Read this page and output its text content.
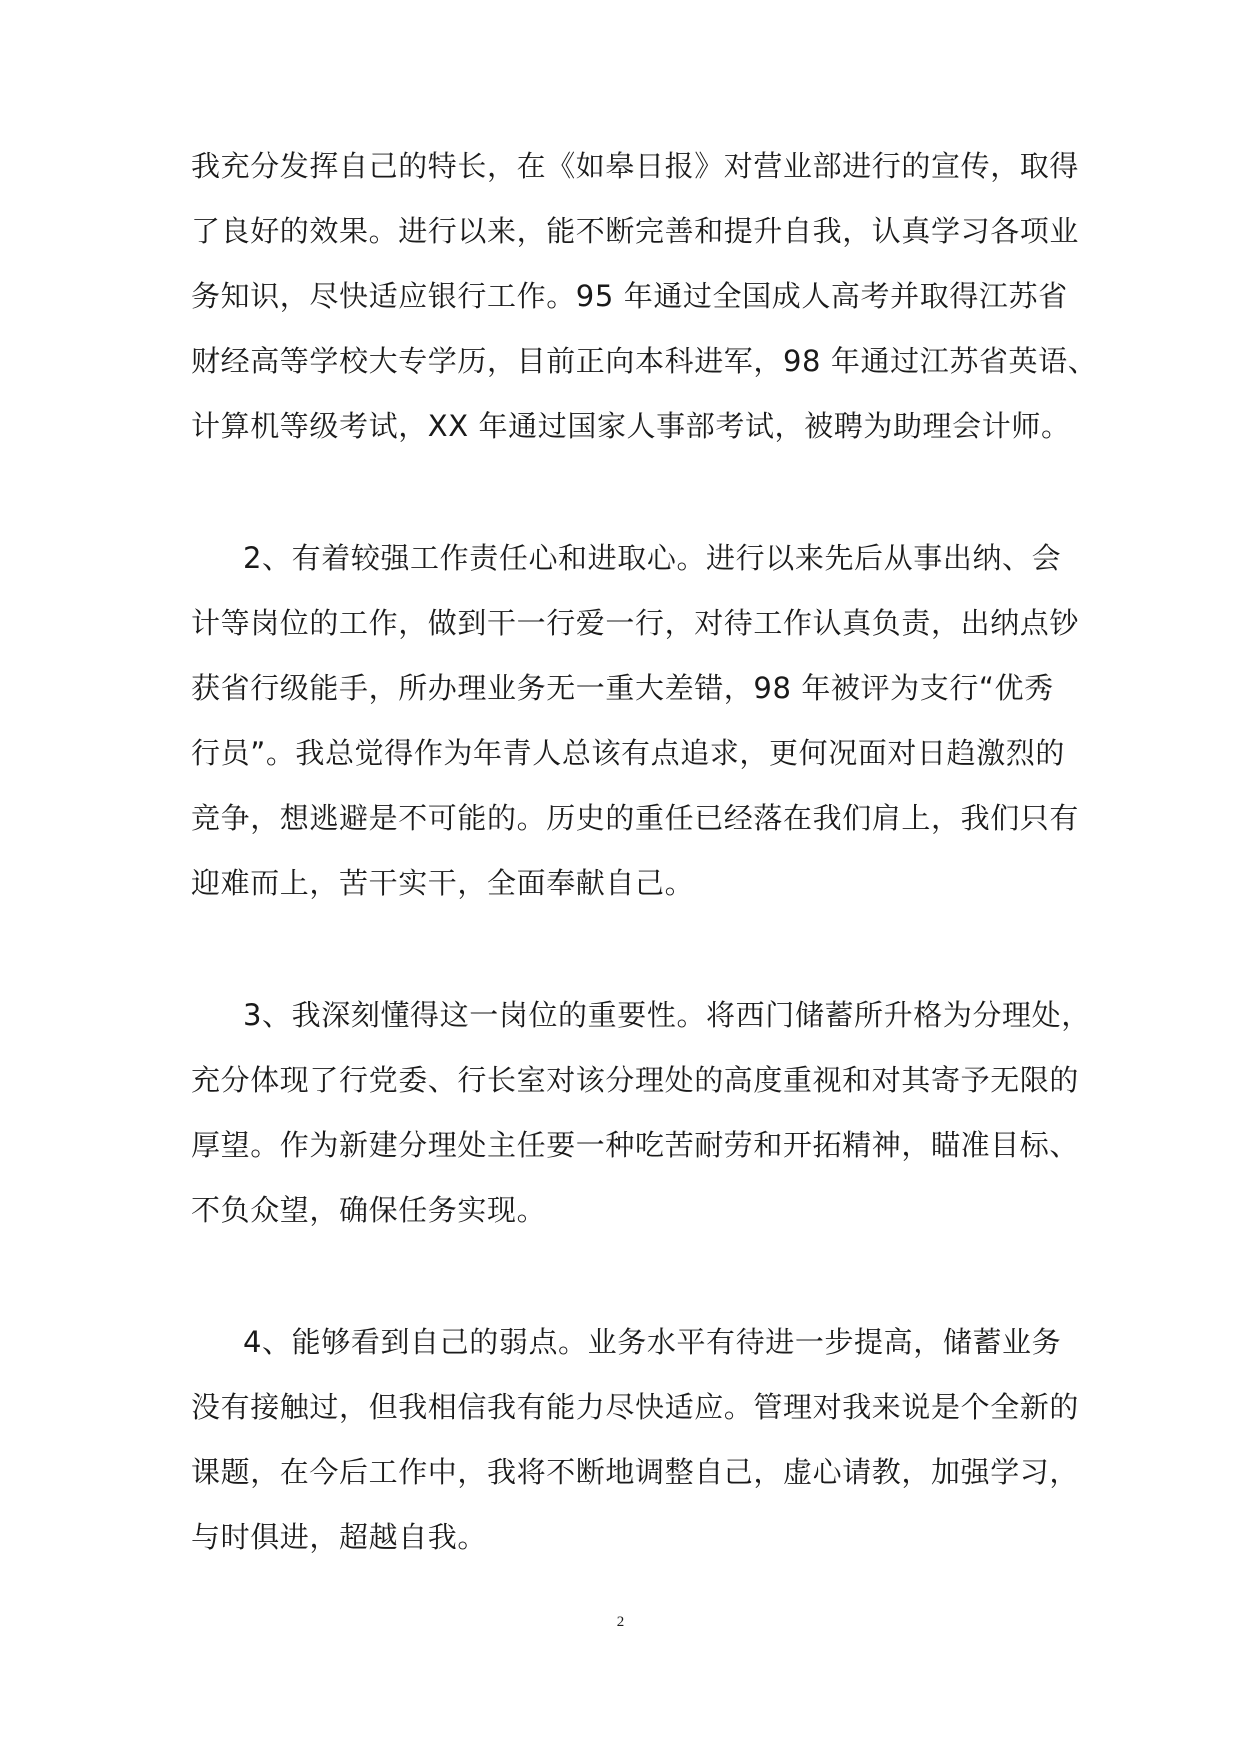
我充分发挥自己的特长，在《如皋日报》对营业部进行的宣传，取得
了良好的效果。进行以来，能不断完善和提升自我，认真学习各项业
务知识，尽快适应银行工作。95 年通过全国成人高考并取得江苏省
财经高等学校大专学历，目前正向本科进军，98 年通过江苏省英语、
计算机等级考试，XX 年通过国家人事部考试，被聘为助理会计师。
2、有着较强工作责任心和进取心。进行以来先后从事出纳、会
计等岗位的工作，做到干一行爱一行，对待工作认真负责，出纳点钞
获省行级能手，所办理业务无一重大差错，98 年被评为支行“优秀
行员”。我总觉得作为年青人总该有点追求，更何况面对日趋激烈的
竞争，想逃避是不可能的。历史的重任已经落在我们肩上，我们只有
迎难而上，苦干实干，全面奉献自己。
3、我深刻懂得这一岗位的重要性。将西门储蓄所升格为分理处，
充分体现了行党委、行长室对该分理处的高度重视和对其寄予无限的
厚望。作为新建分理处主任要一种吃苦耐劳和开拓精神，瞄准目标、
不负众望，确保任务实现。
4、能够看到自己的弱点。业务水平有待进一步提高，储蓄业务
没有接触过，但我相信我有能力尽快适应。管理对我来说是个全新的
课题，在今后工作中，我将不断地调整自己，虚心请教，加强学习，
与时俱进，超越自我。
2
